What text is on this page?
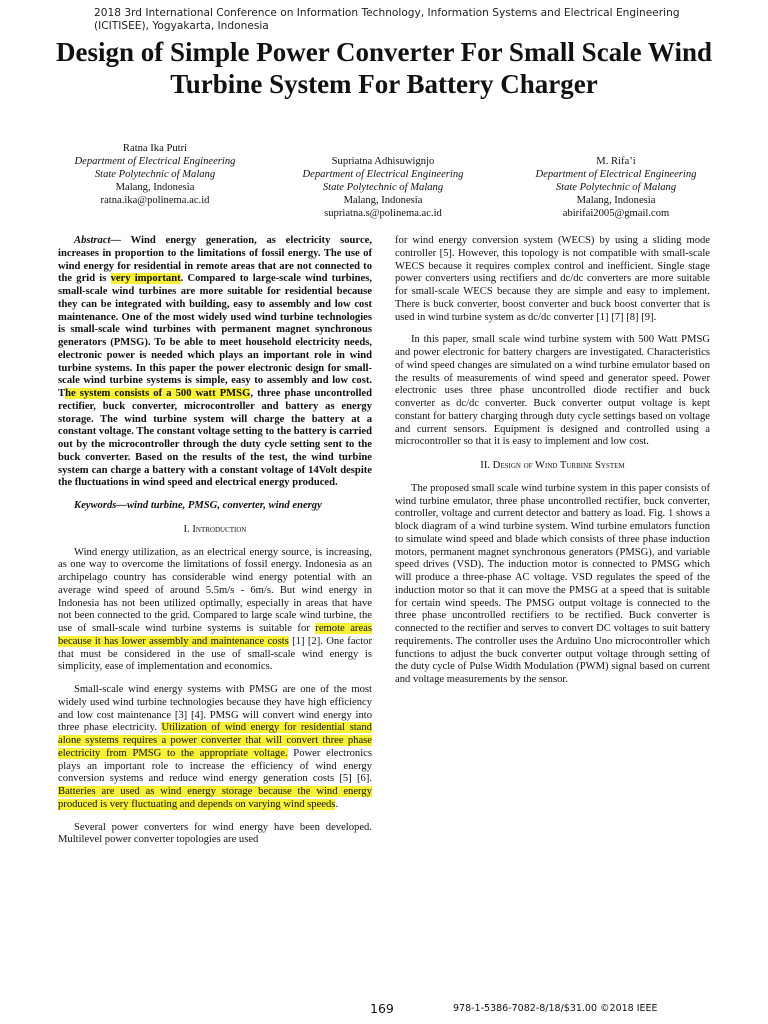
2018 3rd International Conference on Information Technology, Information Systems and Electrical Engineering (ICITISEE), Yogyakarta, Indonesia
Design of Simple Power Converter For Small Scale Wind Turbine System For Battery Charger
Ratna Ika Putri
Department of Electrical Engineering
State Polytechnic of Malang
Malang, Indonesia
ratna.ika@polinema.ac.id
Supriatna Adhisuwignjo
Department of Electrical Engineering
State Polytechnic of Malang
Malang, Indonesia
supriatna.s@polinema.ac.id
M. Rifa’i
Department of Electrical Engineering
State Polytechnic of Malang
Malang, Indonesia
abirifai2005@gmail.com

Abstract— Wind energy generation, as electricity source, increases in proportion to the limitations of fossil energy. The use of wind energy for residential in remote areas that are not connected to the grid is very important. Compared to large-scale wind turbines, small-scale wind turbines are more suitable for residential because they can be integrated with building, easy to assembly and low cost maintenance. One of the most widely used wind turbine technologies is small-scale wind turbines with permanent magnet synchronous generators (PMSG). To be able to meet household electricity needs, electronic power is needed which plays an important role in wind turbine systems. In this paper the power electronic design for small-scale wind turbine systems is simple, easy to assembly and low cost. The system consists of a 500 watt PMSG, three phase uncontrolled rectifier, buck converter, microcontroller and battery as energy storage. The wind turbine system will charge the battery at a constant voltage. The constant voltage setting to the battery is carried out by the microcontroller through the duty cycle setting sent to the buck converter. Based on the results of the test, the wind turbine system can charge a battery with a constant voltage of 14Volt despite the fluctuations in wind speed and electrical energy produced.

Keywords—wind turbine, PMSG, converter, wind energy

I. Introduction

Wind energy utilization, as an electrical energy source, is increasing, as one way to overcome the limitations of fossil energy. Indonesia as an archipelago country has considerable wind energy potential with an average wind speed of around 5.5m/s - 6m/s. But wind energy in Indonesia has not been utilized optimally, especially in areas that have not been connected to the grid. Compared to large scale wind turbine, the use of small-scale wind turbine systems is suitable for remote areas because it has lower assembly and maintenance costs [1] [2]. One factor that must be considered in the use of small-scale wind energy is simplicity, ease of implementation and economics.

Small-scale wind energy systems with PMSG are one of the most widely used wind turbine technologies because they have high efficiency and low cost maintenance [3] [4]. PMSG will convert wind energy into three phase electricity. Utilization of wind energy for residential stand alone systems requires a power converter that will convert three phase electricity from PMSG to the appropriate voltage. Power electronics plays an important role to increase the efficiency of wind energy conversion systems and reduce wind energy generation costs [5] [6]. Batteries are used as wind energy storage because the wind energy produced is very fluctuating and depends on varying wind speeds.

Several power converters for wind energy have been developed. Multilevel power converter topologies are used

for wind energy conversion system (WECS) by using a sliding mode controller [5]. However, this topology is not compatible with small-scale WECS because it requires complex control and inefficient. Single stage power converters using rectifiers and dc/dc converters are more suitable for small-scale WECS because they are simple and easy to implement. There is buck converter, boost converter and buck boost converter that is used in wind turbine system as dc/dc converter [1] [7] [8] [9].

In this paper, small scale wind turbine system with 500 Watt PMSG and power electronic for battery chargers are investigated. Characteristics of wind speed changes are simulated on a wind turbine emulator based on the results of measurements of wind speed and generator speed. Power electronic uses three phase uncontrolled diode rectifier and buck converter as dc/dc converter. Buck converter output voltage is kept constant for battery charging through duty cycle settings based on voltage and current sensors. Equipment is designed and controlled using a microcontroller so that it is easy to implement and low cost.

II. Design of Wind Turbine System

The proposed small scale wind turbine system in this paper consists of wind turbine emulator, three phase uncontrolled rectifier, buck converter, controller, voltage and current detector and battery as load. Fig. 1 shows a block diagram of a wind turbine system. Wind turbine emulators function to simulate wind speed and blade which consists of three phase induction motors, permanent magnet synchronous generators (PMSG), and variable speed drives (VSD). The induction motor is connected to PMSG which will produce a three-phase AC voltage. VSD regulates the speed of the induction motor so that it can move the PMSG at a speed that is suitable for certain wind speeds. The PMSG output voltage is connected to the three phase uncontrolled rectifiers to be rectified. Buck converter is connected to the rectifier and serves to convert DC voltages to suit battery requirements. The controller uses the Arduino Uno microcontroller which functions to adjust the buck converter output voltage through setting of the duty cycle of Pulse Width Modulation (PWM) signal based on current and voltage measurements by the sensor.

169	978-1-5386-7082-8/18/$31.00 ©2018 IEEE
